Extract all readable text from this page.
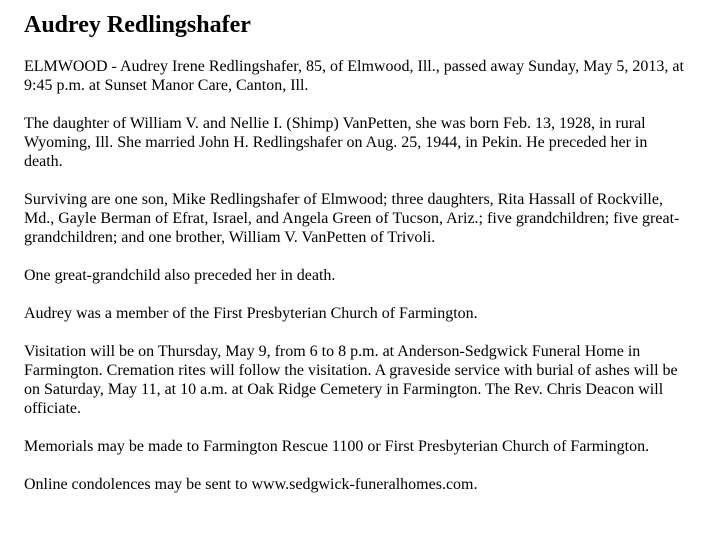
Audrey Redlingshafer

ELMWOOD - Audrey Irene Redlingshafer, 85, of Elmwood, Ill., passed away Sunday, May 5, 2013, at 9:45 p.m. at Sunset Manor Care, Canton, Ill.

The daughter of William V. and Nellie I. (Shimp) VanPetten, she was born Feb. 13, 1928, in rural Wyoming, Ill. She married John H. Redlingshafer on Aug. 25, 1944, in Pekin. He preceded her in death.

Surviving are one son, Mike Redlingshafer of Elmwood; three daughters, Rita Hassall of Rockville, Md., Gayle Berman of Efrat, Israel, and Angela Green of Tucson, Ariz.; five grandchildren; five great-grandchildren; and one brother, William V. VanPetten of Trivoli.

One great-grandchild also preceded her in death.

Audrey was a member of the First Presbyterian Church of Farmington.

Visitation will be on Thursday, May 9, from 6 to 8 p.m. at Anderson-Sedgwick Funeral Home in Farmington. Cremation rites will follow the visitation. A graveside service with burial of ashes will be on Saturday, May 11, at 10 a.m. at Oak Ridge Cemetery in Farmington. The Rev. Chris Deacon will officiate.

Memorials may be made to Farmington Rescue 1100 or First Presbyterian Church of Farmington.

Online condolences may be sent to www.sedgwick-funeralhomes.com.
